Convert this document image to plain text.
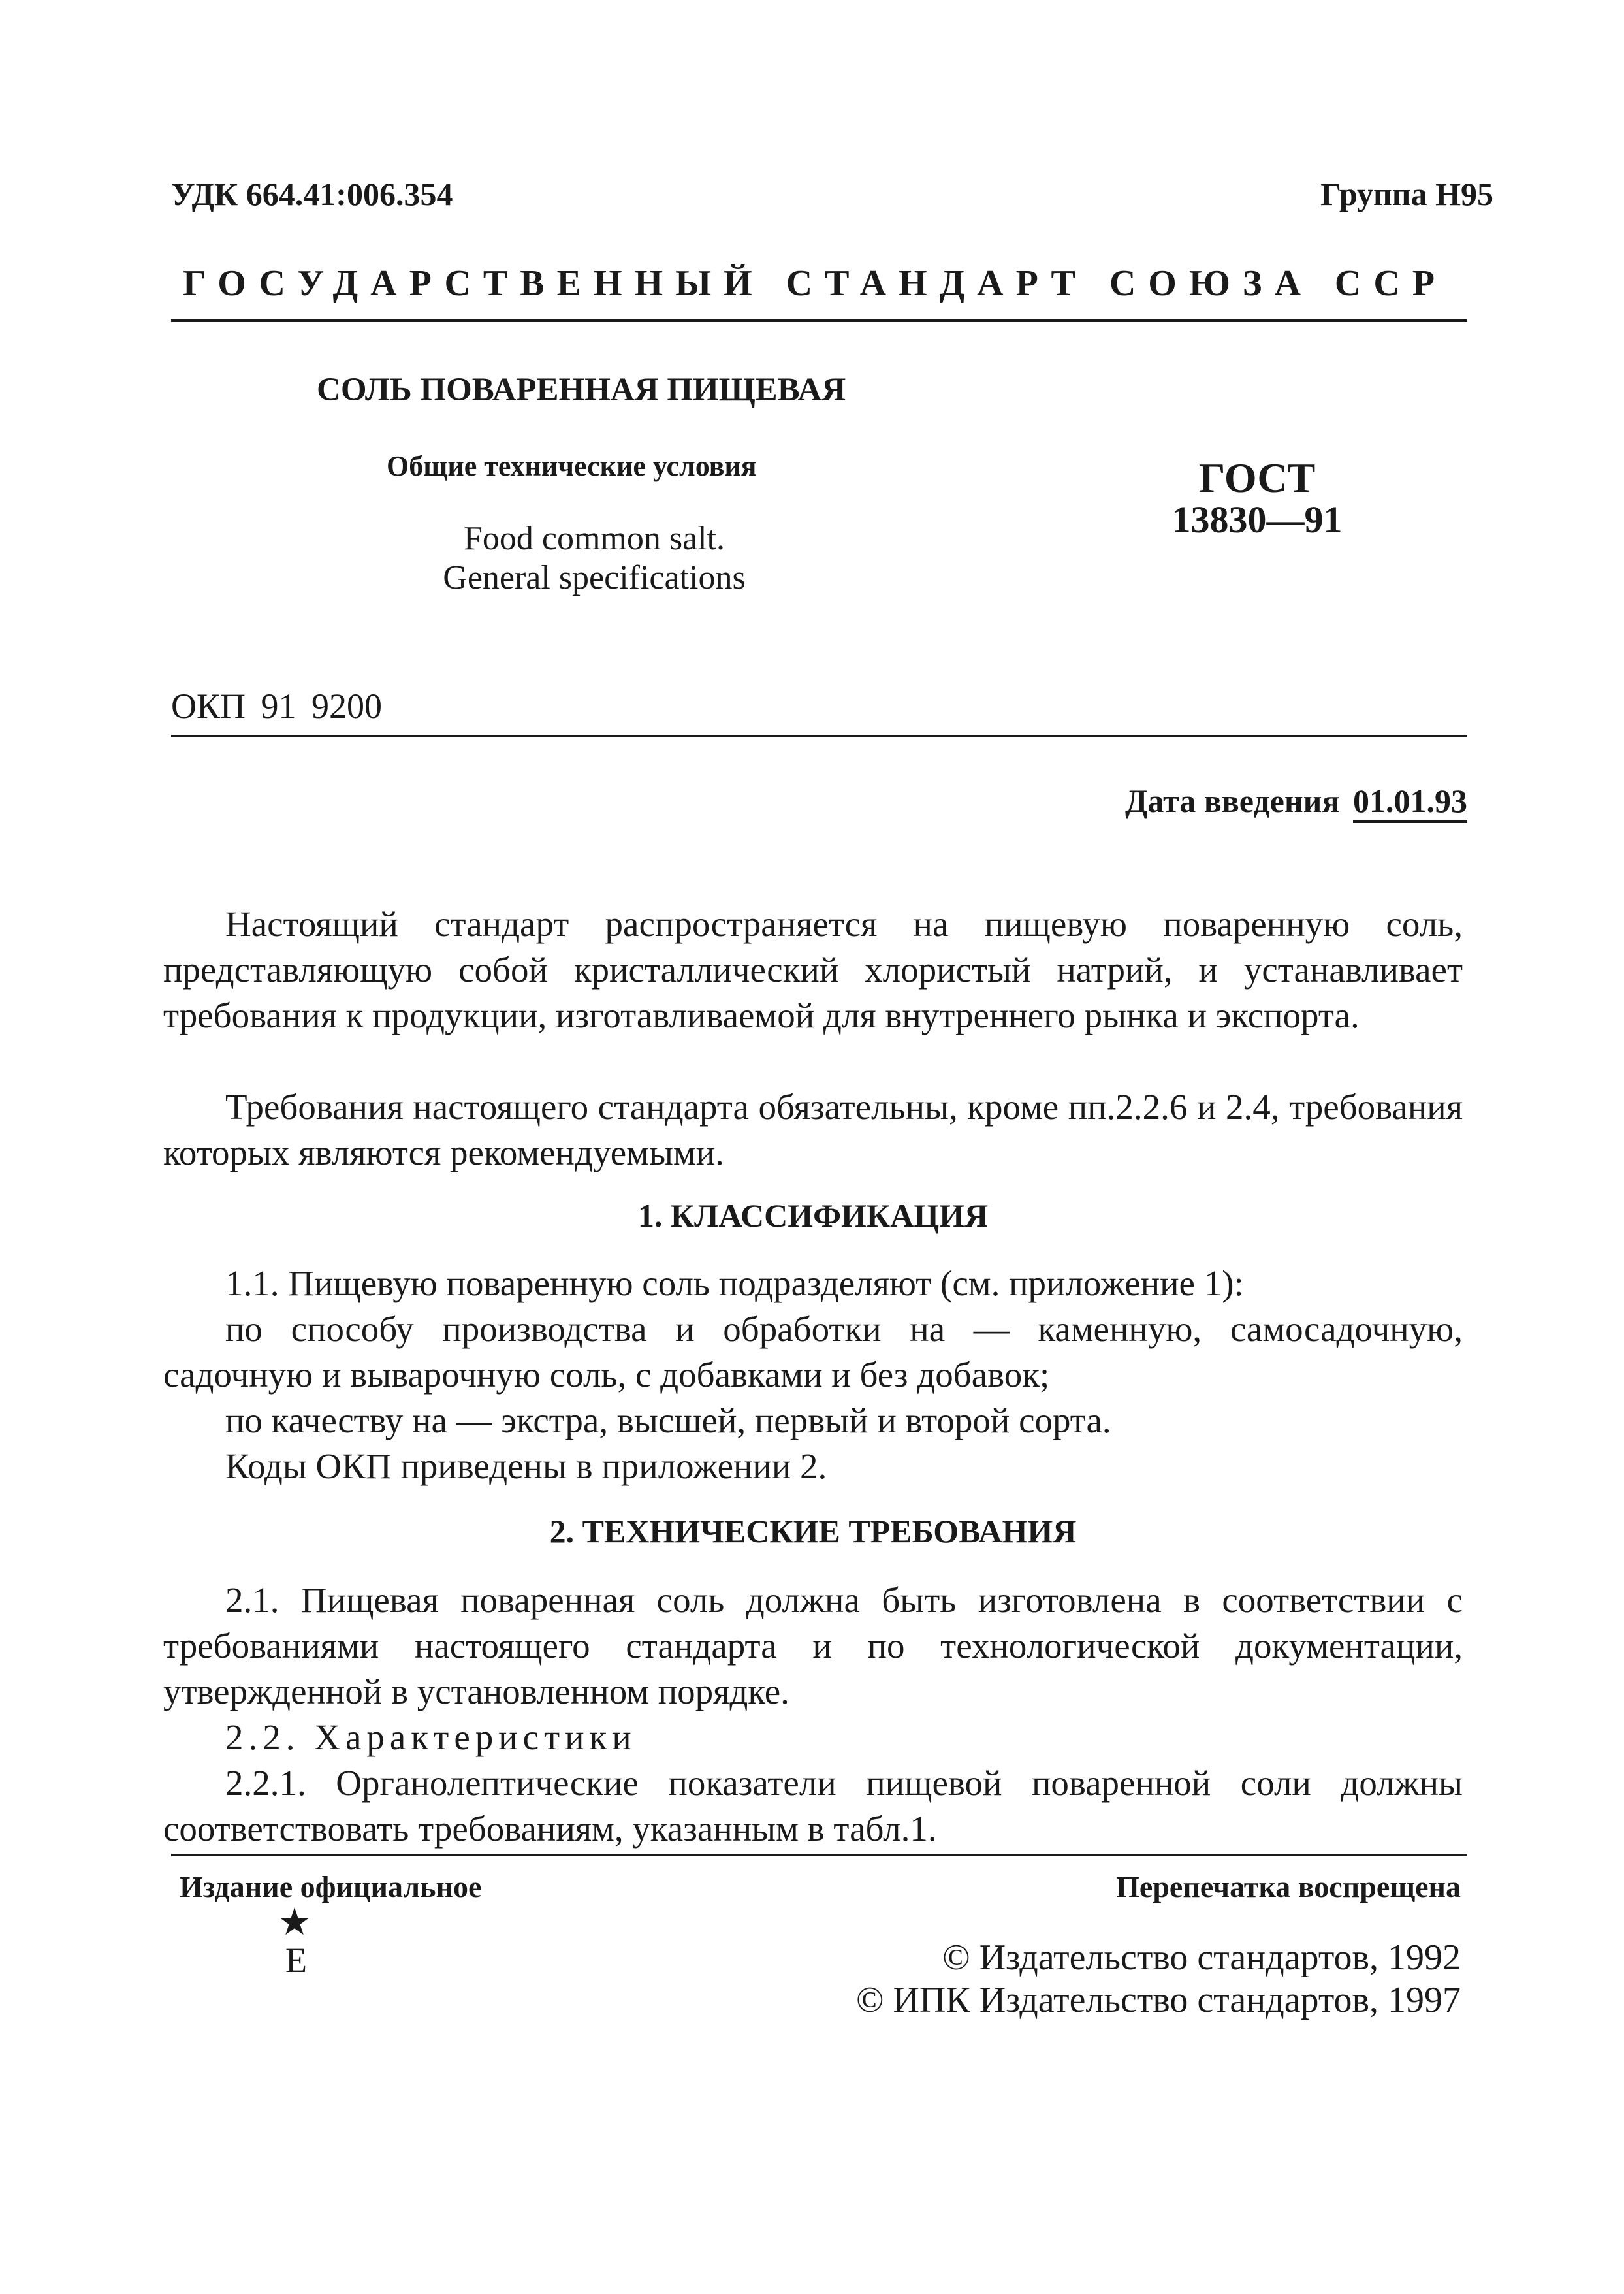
УДК 664.41:006.354	Группа Н95
ГОСУДАРСТВЕННЫЙ СТАНДАРТ СОЮЗА ССР
СОЛЬ ПОВАРЕННАЯ ПИЩЕВАЯ
Общие технические условия
Food common salt.
General specifications
ГОСТ
13830—91
ОКП 91 9200
Дата введения 01.01.93

Настоящий стандарт распространяется на пищевую поваренную соль, представляющую собой кристаллический хлористый натрий, и устанавливает требования к продукции, изготавливаемой для внутреннего рынка и экспорта.

Требования настоящего стандарта обязательны, кроме пп.2.2.6 и 2.4, требования которых являются рекомендуемыми.

1. КЛАССИФИКАЦИЯ

1.1. Пищевую поваренную соль подразделяют (см. приложение 1):

по способу производства и обработки на — каменную, самосадочную, садочную и выварочную соль, с добавками и без добавок;

по качеству на — экстра, высшей, первый и второй сорта.

Коды ОКП приведены в приложении 2.

2. ТЕХНИЧЕСКИЕ ТРЕБОВАНИЯ

2.1. Пищевая поваренная соль должна быть изготовлена в соответствии с требованиями настоящего стандарта и по технологической документации, утвержденной в установленном порядке.

2.2. Характеристики

2.2.1. Органолептические показатели пищевой поваренной соли должны соответствовать требованиям, указанным в табл.1.

Издание официальное
★
E
Перепечатка воспрещена
© Издательство стандартов, 1992
© ИПК Издательство стандартов, 1997
